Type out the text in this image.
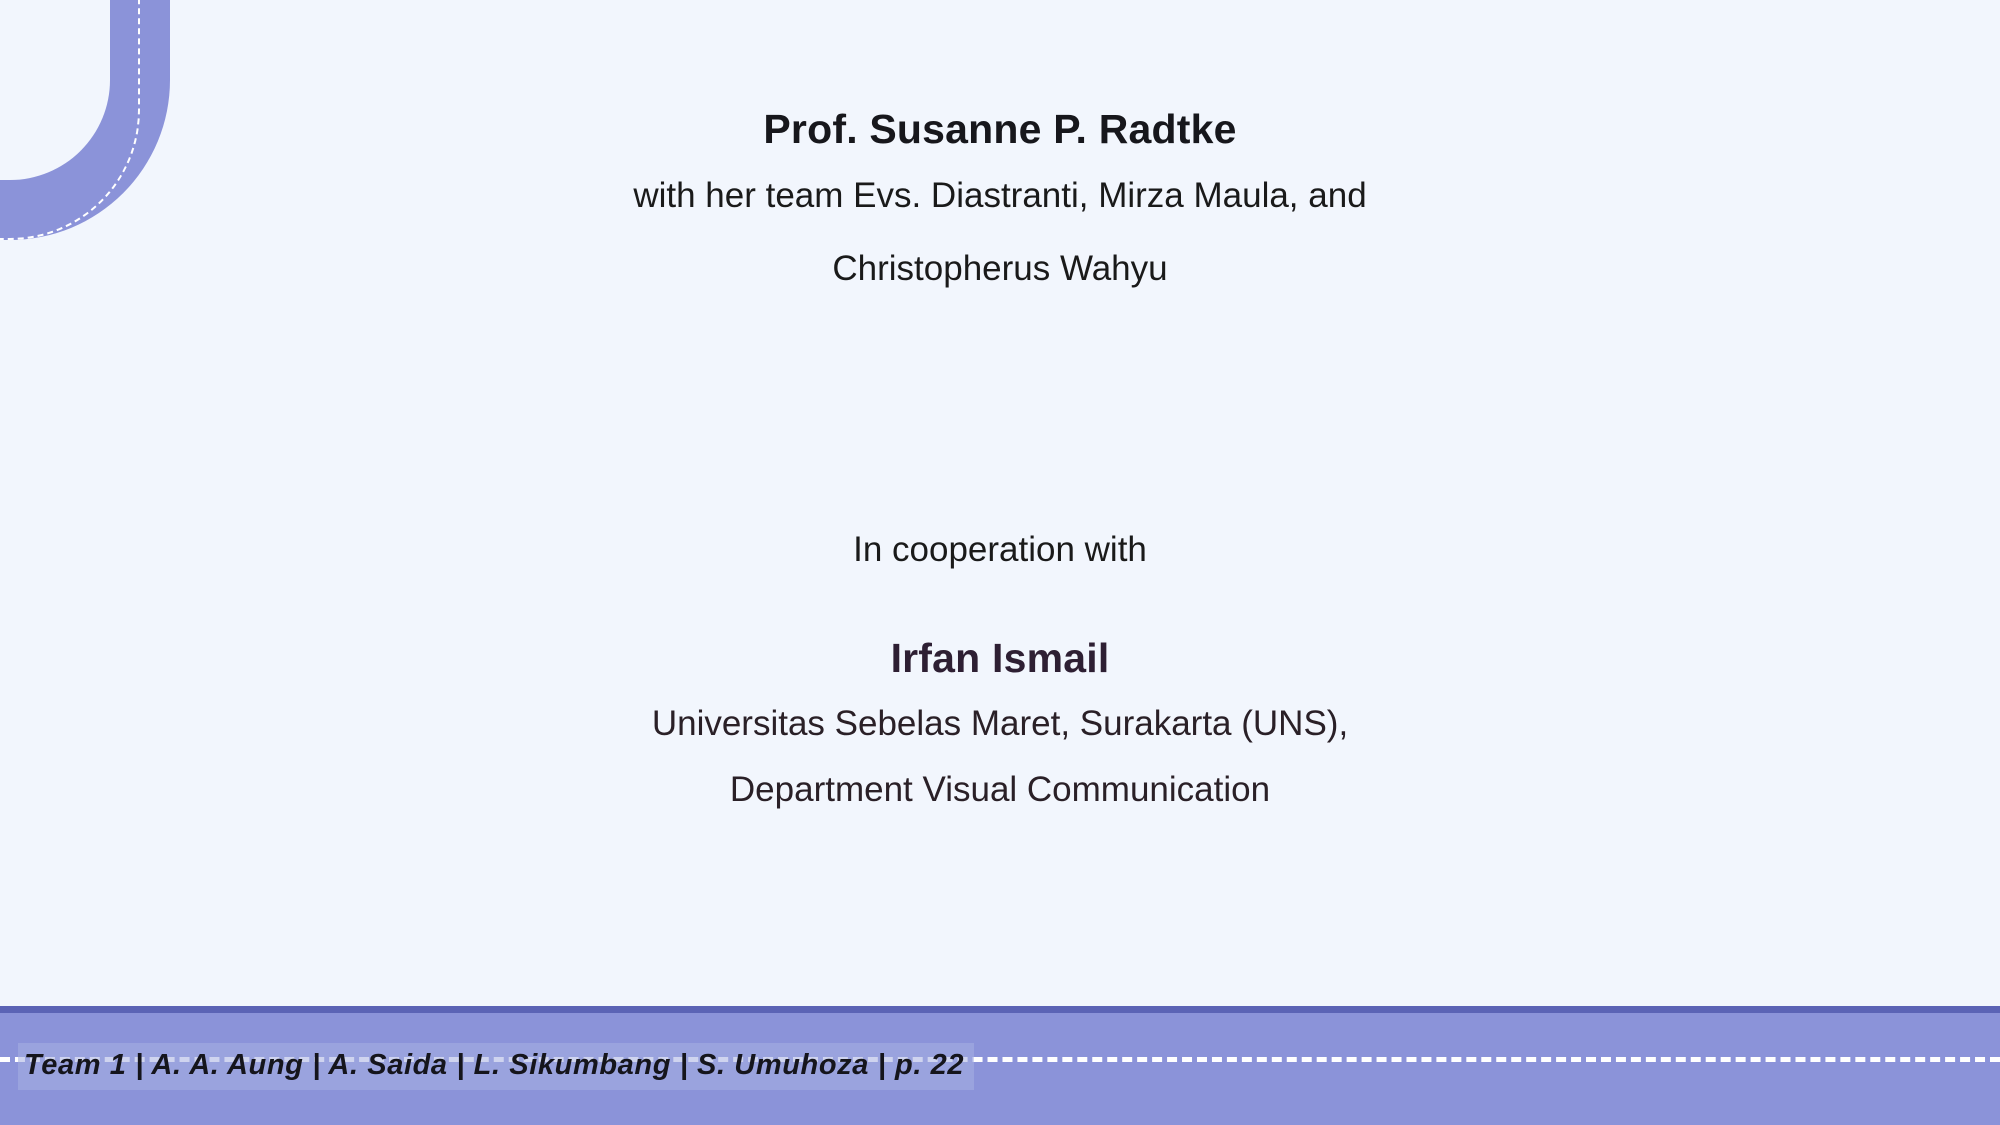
Prof. Susanne P. Radtke
with her team Evs. Diastranti, Mirza Maula, and
Christopherus Wahyu
In cooperation with
Irfan Ismail
Universitas Sebelas Maret, Surakarta (UNS),
Department Visual Communication
Team 1 | A. A. Aung | A. Saida | L. Sikumbang | S. Umuhoza | p. 22
